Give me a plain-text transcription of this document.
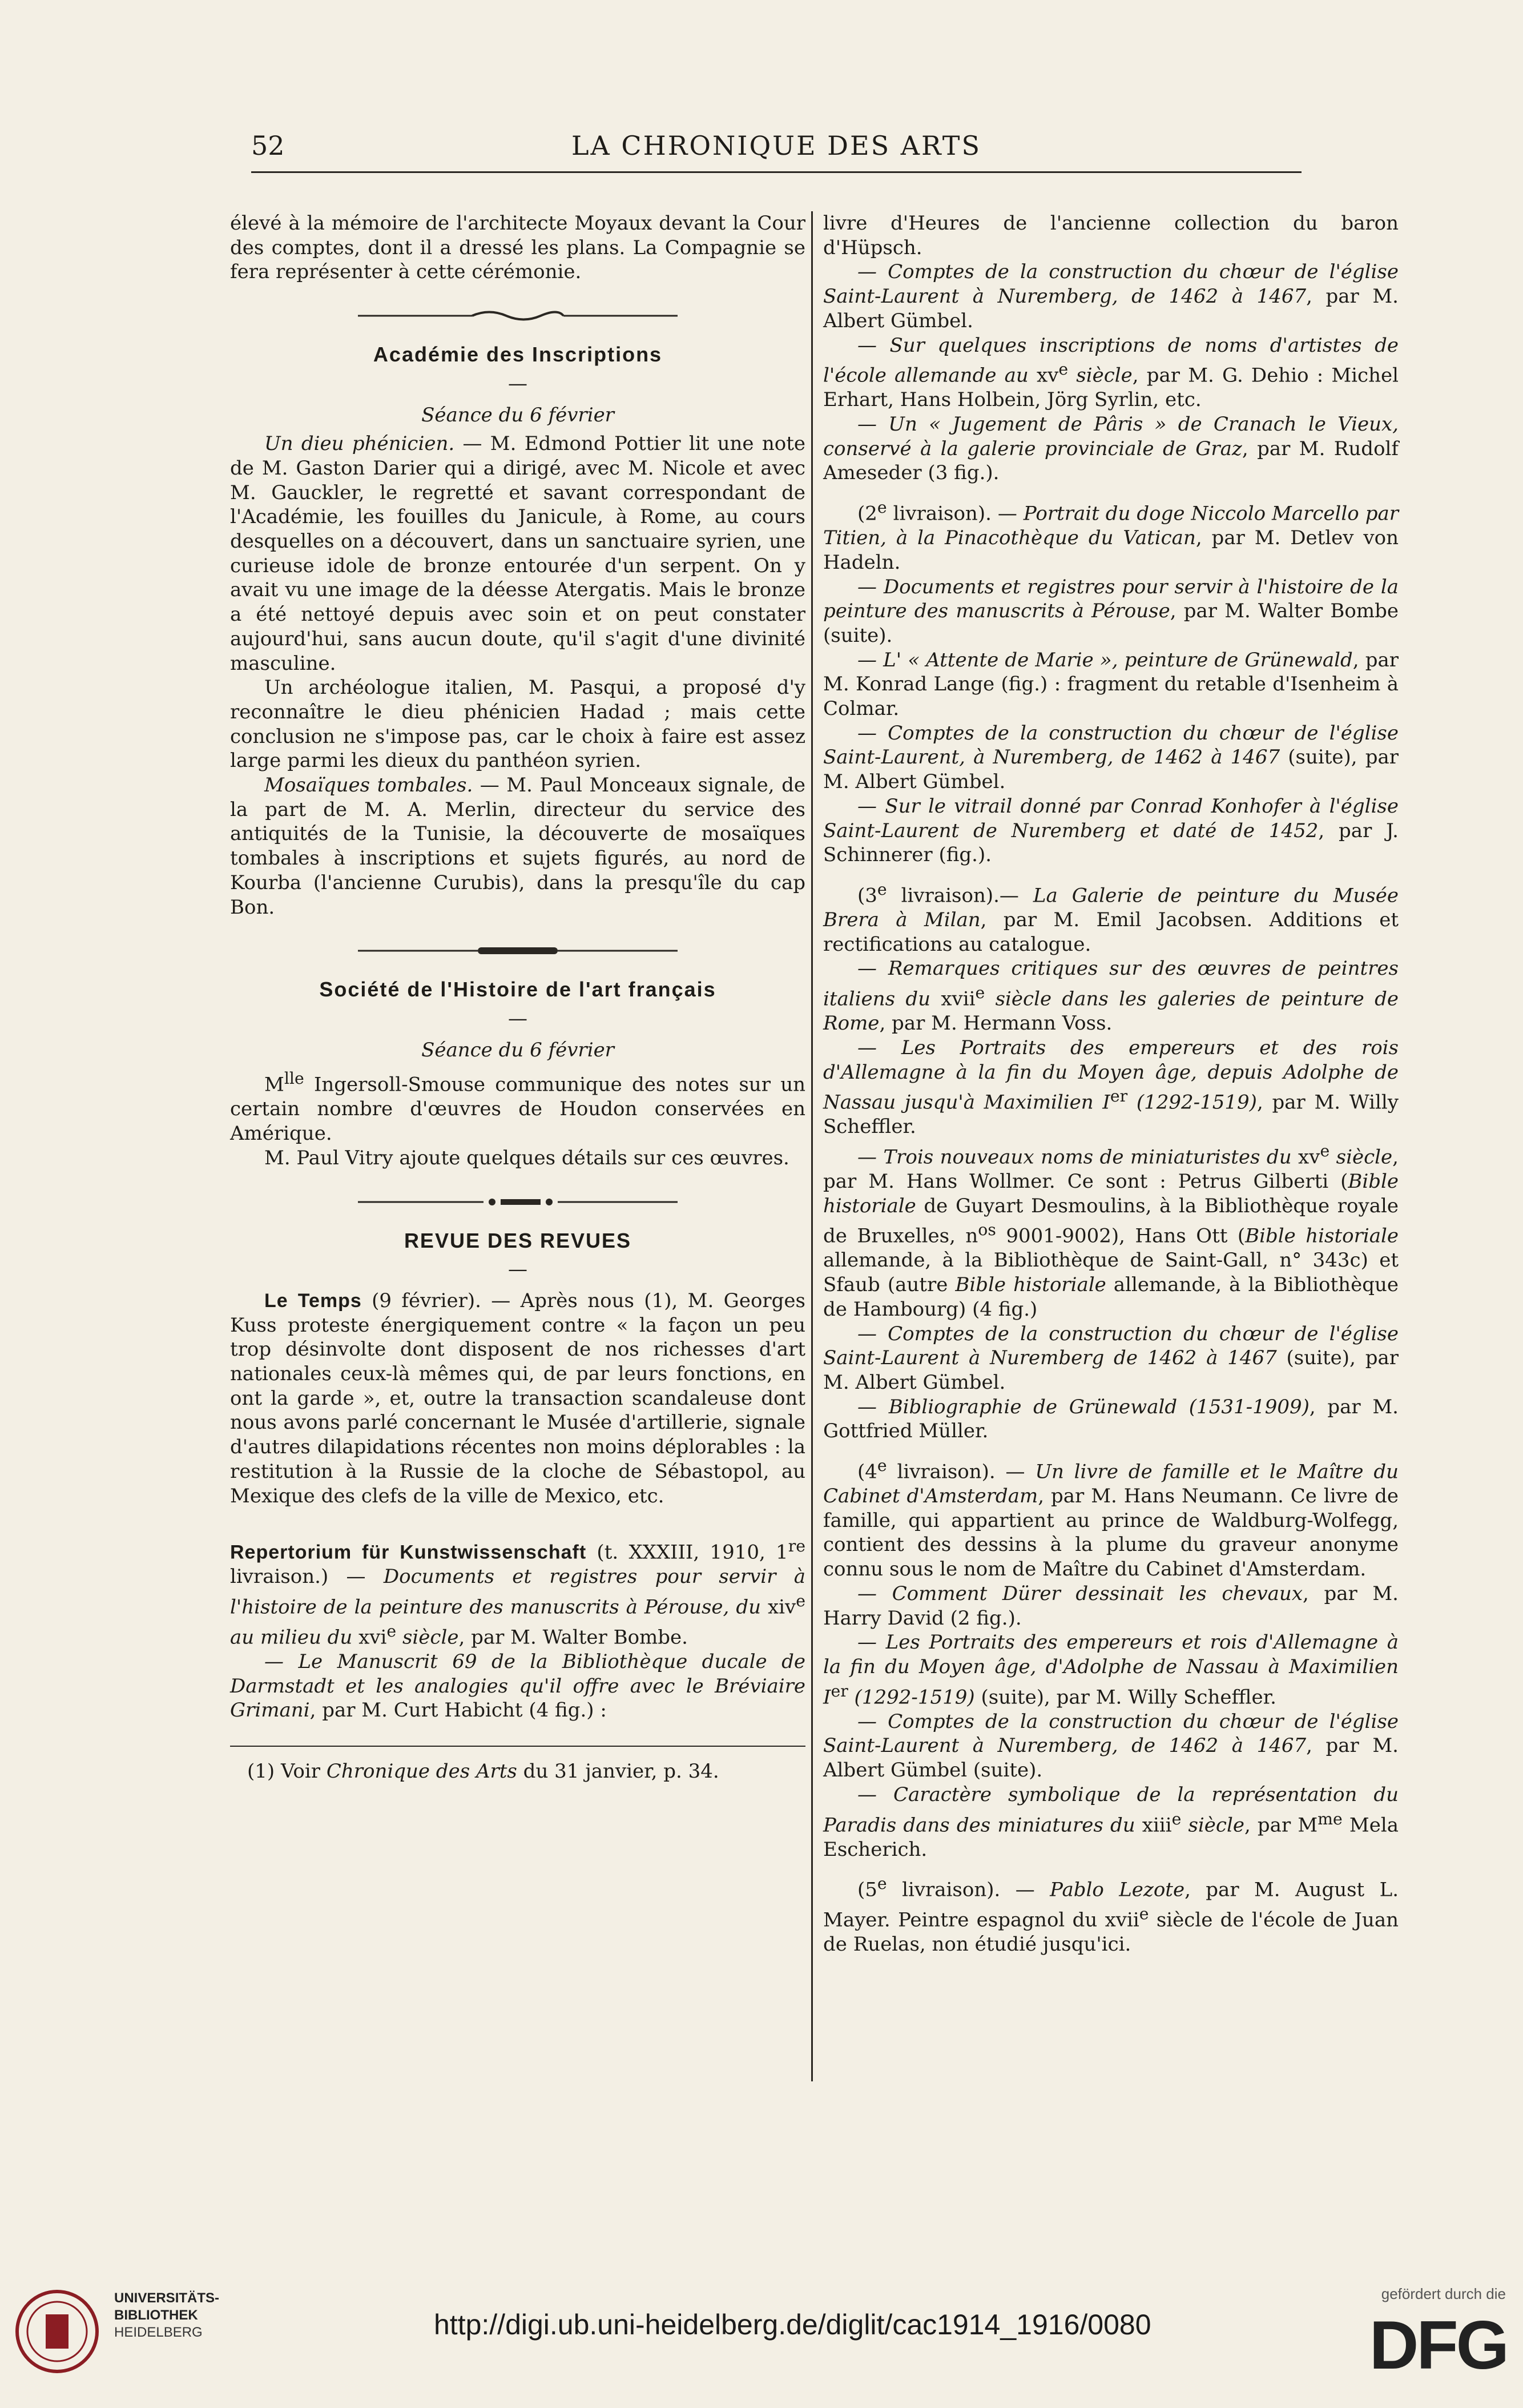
52	LA CHRONIQUE DES ARTS

élevé à la mémoire de l'architecte Moyaux devant la Cour des comptes, dont il a dressé les plans. La Compagnie se fera représenter à cette cérémonie.

Académie des Inscriptions

—

Séance du 6 février

Un dieu phénicien. — M. Edmond Pottier lit une note de M. Gaston Darier qui a dirigé, avec M. Nicole et avec M. Gauckler, le regretté et savant correspondant de l'Académie, les fouilles du Janicule, à Rome, au cours desquelles on a découvert, dans un sanctuaire syrien, une curieuse idole de bronze entourée d'un serpent. On y avait vu une image de la déesse Atergatis. Mais le bronze a été nettoyé depuis avec soin et on peut constater aujourd'hui, sans aucun doute, qu'il s'agit d'une divinité masculine.

Un archéologue italien, M. Pasqui, a proposé d'y reconnaître le dieu phénicien Hadad ; mais cette conclusion ne s'impose pas, car le choix à faire est assez large parmi les dieux du panthéon syrien.

Mosaïques tombales. — M. Paul Monceaux signale, de la part de M. A. Merlin, directeur du service des antiquités de la Tunisie, la découverte de mosaïques tombales à inscriptions et sujets figurés, au nord de Kourba (l'ancienne Curubis), dans la presqu'île du cap Bon.

Société de l'Histoire de l'art français

—

Séance du 6 février

$M^{lle}$ Ingersoll-Smouse communique des notes sur un certain nombre d'œuvres de Houdon conservées en Amérique.

M. Paul Vitry ajoute quelques détails sur ces œuvres.

REVUE DES REVUES

—

Le Temps (9 février). — Après nous (1), M. Georges Kuss proteste énergiquement contre « la façon un peu trop désinvolte dont disposent de nos richesses d'art nationales ceux-là mêmes qui, de par leurs fonctions, en ont la garde », et, outre la transaction scandaleuse dont nous avons parlé concernant le Musée d'artillerie, signale d'autres dilapidations récentes non moins déplorables : la restitution à la Russie de la cloche de Sébastopol, au Mexique des clefs de la ville de Mexico, etc.

Repertorium für Kunstwissenschaft (t. XXXIII, 1910, 1re livraison.) — Documents et registres pour servir à l'histoire de la peinture des manuscrits à Pérouse, du xiv$^e$ au milieu du xvi$^e$ siècle, par M. Walter Bombe.

— Le Manuscrit 69 de la Bibliothèque ducale de Darmstadt et les analogies qu'il offre avec le Bréviaire Grimani, par M. Curt Habicht (4 fig.) :

(1) Voir Chronique des Arts du 31 janvier, p. 34.

livre d'Heures de l'ancienne collection du baron d'Hüpsch.

— Comptes de la construction du chœur de l'église Saint-Laurent à Nuremberg, de 1462 à 1467, par M. Albert Gümbel.

— Sur quelques inscriptions de noms d'artistes de l'école allemande au $xv^e$ siècle, par M. G. Dehio : Michel Erhart, Hans Holbein, Jörg Syrlin, etc.

— Un « Jugement de Pâris » de Cranach le Vieux, conservé à la galerie provinciale de Graz, par M. Rudolf Ameseder (3 fig.).

(2e livraison). — Portrait du doge Niccolo Marcello par Titien, à la Pinacothèque du Vatican, par M. Detlev von Hadeln.

— Documents et registres pour servir à l'histoire de la peinture des manuscrits à Pérouse, par M. Walter Bombe (suite).

— L' « Attente de Marie », peinture de Grünewald, par M. Konrad Lange (fig.) : fragment du retable d'Isenheim à Colmar.

— Comptes de la construction du chœur de l'église Saint-Laurent, à Nuremberg, de 1462 à 1467 (suite), par M. Albert Gümbel.

— Sur le vitrail donné par Conrad Konhofer à l'église Saint-Laurent de Nuremberg et daté de 1452, par J. Schinnerer (fig.).

(3e livraison).— La Galerie de peinture du Musée Brera à Milan, par M. Emil Jacobsen. Additions et rectifications au catalogue.

— Remarques critiques sur des œuvres de peintres italiens du xvii$^e$ siècle dans les galeries de peinture de Rome, par M. Hermann Voss.

— Les Portraits des empereurs et des rois d'Allemagne à la fin du Moyen âge, depuis Adolphe de Nassau jusqu'à Maximilien Ier (1292-1519), par M. Willy Scheffler.

— Trois nouveaux noms de miniaturistes du $xv^e$ siècle, par M. Hans Wollmer. Ce sont : Petrus Gilberti (Bible historiale de Guyart Desmoulins, à la Bibliothèque royale de Bruxelles, $n^{os}$ 9001-9002), Hans Ott (Bible historiale allemande, à la Bibliothèque de Saint-Gall, n° 343c) et Sfaub (autre Bible historiale allemande, à la Bibliothèque de Hambourg) (4 fig.)

— Comptes de la construction du chœur de l'église Saint-Laurent à Nuremberg de 1462 à 1467 (suite), par M. Albert Gümbel.

— Bibliographie de Grünewald (1531-1909), par M. Gottfried Müller.

(4e livraison). — Un livre de famille et le Maître du Cabinet d'Amsterdam, par M. Hans Neumann. Ce livre de famille, qui appartient au prince de Waldburg-Wolfegg, contient des dessins à la plume du graveur anonyme connu sous le nom de Maître du Cabinet d'Amsterdam.

— Comment Dürer dessinait les chevaux, par M. Harry David (2 fig.).

— Les Portraits des empereurs et rois d'Allemagne à la fin du Moyen âge, d'Adolphe de Nassau à Maximilien Ier (1292-1519) (suite), par M. Willy Scheffler.

— Comptes de la construction du chœur de l'église Saint-Laurent à Nuremberg, de 1462 à 1467, par M. Albert Gümbel (suite).

— Caractère symbolique de la représentation du Paradis dans des miniatures du xiii$^e$ siècle, par $M^{me}$ Mela Escherich.

(5e livraison). — Pablo Lezote, par M. August L. Mayer. Peintre espagnol du xvii$^e$ siècle de l'école de Juan de Ruelas, non étudié jusqu'ici.

UNIVERSITÄTS-
BIBLIOTHEK
HEIDELBERG	http://digi.ub.uni-heidelberg.de/diglit/cac1914_1916/0080
gefördert durch die
DFG
